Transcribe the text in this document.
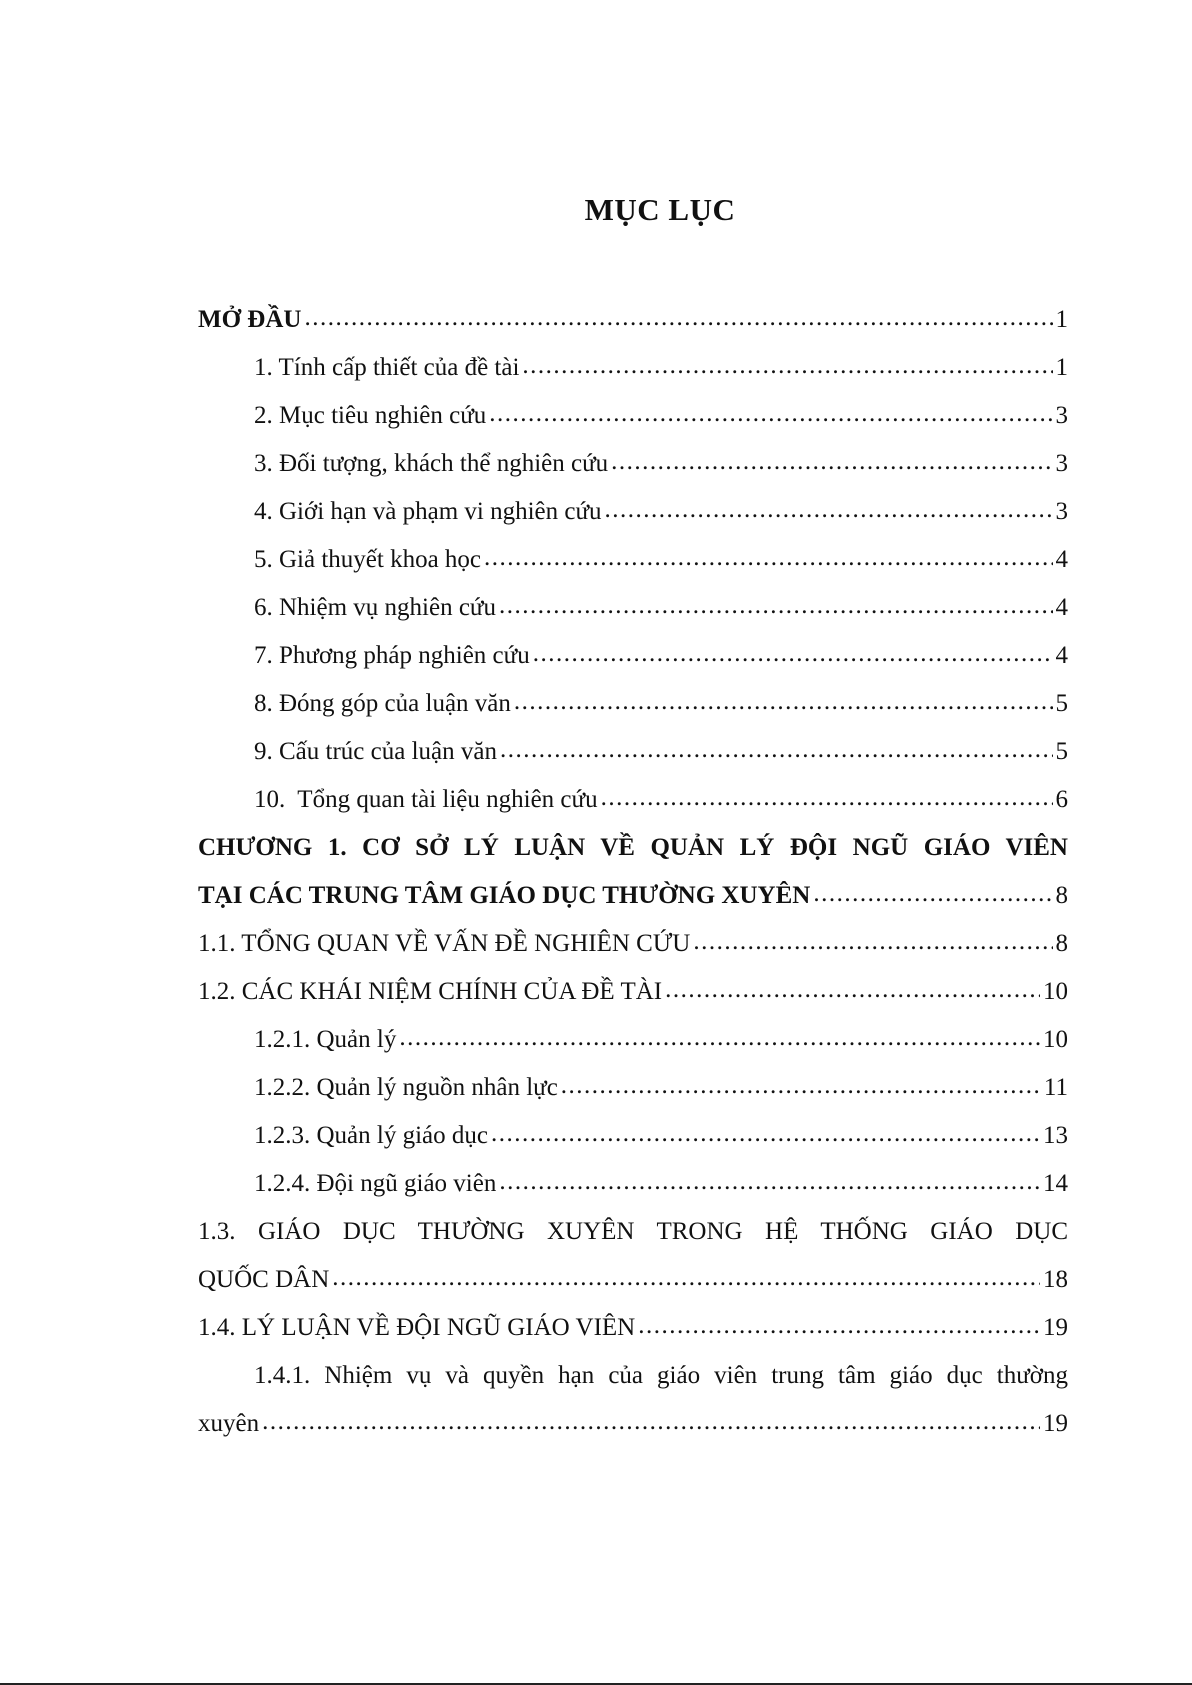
MỤC LỤC
MỞ ĐẦU .....	1
1. Tính cấp thiết của đề tài .....	1
2. Mục tiêu nghiên cứu .....	3
3. Đối tượng, khách thể nghiên cứu .....	3
4. Giới hạn và phạm vi nghiên cứu .....	3
5. Giả thuyết khoa học .....	4
6. Nhiệm vụ nghiên cứu .....	4
7. Phương pháp nghiên cứu .....	4
8. Đóng góp của luận văn .....	5
9. Cấu trúc của luận văn .....	5
10.  Tổng quan tài liệu nghiên cứu .....	6
CHƯƠNG 1. CƠ SỞ LÝ LUẬN VỀ QUẢN LÝ ĐỘI NGŨ GIÁO VIÊN
TẠI CÁC TRUNG TÂM GIÁO DỤC THƯỜNG XUYÊN .....	8
1.1. TỔNG QUAN VỀ VẤN ĐỀ NGHIÊN CỨU .....	8
1.2. CÁC KHÁI NIỆM CHÍNH CỦA ĐỀ TÀI .....	10
1.2.1. Quản lý .....	10
1.2.2. Quản lý nguồn nhân lực .....	11
1.2.3. Quản lý giáo dục .....	13
1.2.4. Đội ngũ giáo viên .....	14
1.3. GIÁO DỤC THƯỜNG XUYÊN TRONG HỆ THỐNG GIÁO DỤC
QUỐC DÂN .....	18
1.4. LÝ LUẬN VỀ ĐỘI NGŨ GIÁO VIÊN .....	19
1.4.1. Nhiệm vụ và quyền hạn của giáo viên trung tâm giáo dục thường
xuyên .....	19
